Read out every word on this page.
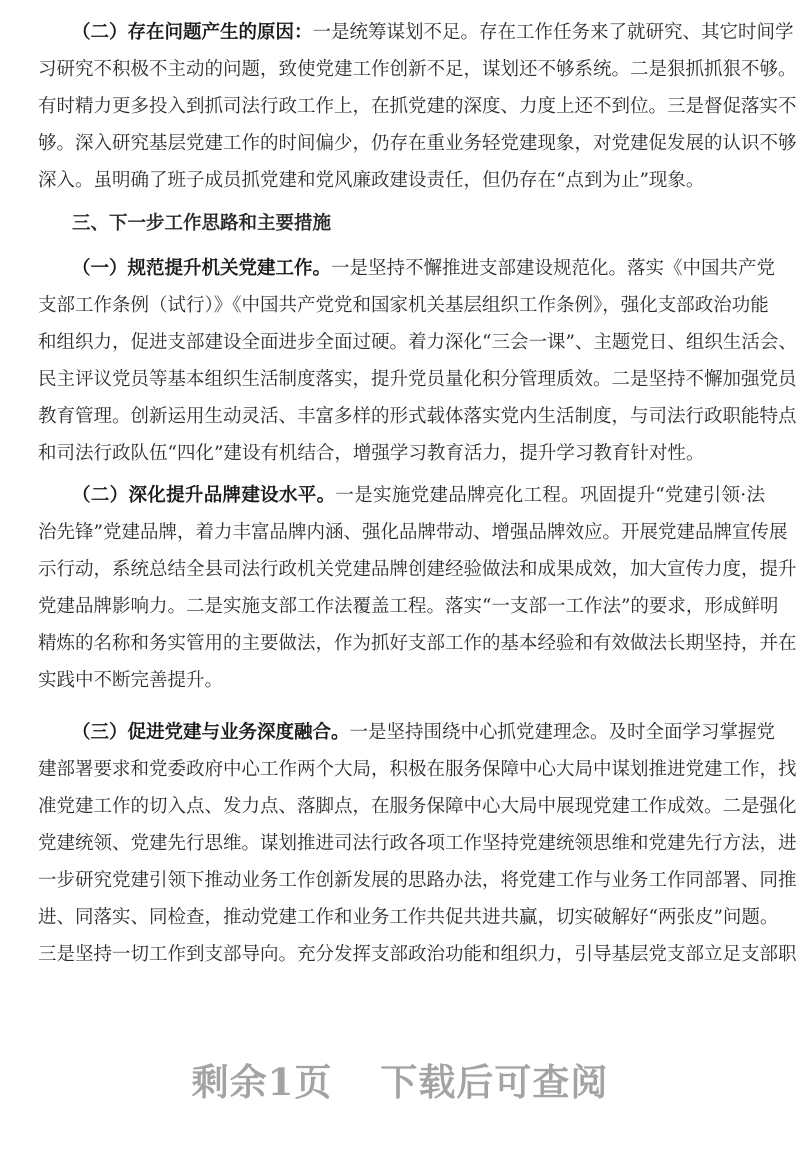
（二）存在问题产生的原因：一是统筹谋划不足。存在工作任务来了就研究、其它时间学
习研究不积极不主动的问题，致使党建工作创新不足，谋划还不够系统。二是狠抓抓狠不够。
有时精力更多投入到抓司法行政工作上，在抓党建的深度、力度上还不到位。三是督促落实不
够。深入研究基层党建工作的时间偏少，仍存在重业务轻党建现象，对党建促发展的认识不够
深入。虽明确了班子成员抓党建和党风廉政建设责任，但仍存在“点到为止”现象。
三、下一步工作思路和主要措施
（一）规范提升机关党建工作。一是坚持不懈推进支部建设规范化。落实《中国共产党
支部工作条例（试行）》《中国共产党党和国家机关基层组织工作条例》，强化支部政治功能
和组织力，促进支部建设全面进步全面过硬。着力深化“三会一课”、主题党日、组织生活会、
民主评议党员等基本组织生活制度落实，提升党员量化积分管理质效。二是坚持不懈加强党员
教育管理。创新运用生动灵活、丰富多样的形式载体落实党内生活制度，与司法行政职能特点
和司法行政队伍“四化”建设有机结合，增强学习教育活力，提升学习教育针对性。
（二）深化提升品牌建设水平。一是实施党建品牌亮化工程。巩固提升“党建引领·法
治先锋”党建品牌，着力丰富品牌内涵、强化品牌带动、增强品牌效应。开展党建品牌宣传展
示行动，系统总结全县司法行政机关党建品牌创建经验做法和成果成效，加大宣传力度，提升
党建品牌影响力。二是实施支部工作法覆盖工程。落实“一支部一工作法”的要求，形成鲜明
精炼的名称和务实管用的主要做法，作为抓好支部工作的基本经验和有效做法长期坚持，并在
实践中不断完善提升。
（三）促进党建与业务深度融合。一是坚持围绕中心抓党建理念。及时全面学习掌握党
建部署要求和党委政府中心工作两个大局，积极在服务保障中心大局中谋划推进党建工作，找
准党建工作的切入点、发力点、落脚点，在服务保障中心大局中展现党建工作成效。二是强化
党建统领、党建先行思维。谋划推进司法行政各项工作坚持党建统领思维和党建先行方法，进
一步研究党建引领下推动业务工作创新发展的思路办法，将党建工作与业务工作同部署、同推
进、同落实、同检查，推动党建工作和业务工作共促共进共赢，切实破解好“两张皮”问题。
三是坚持一切工作到支部导向。充分发挥支部政治功能和组织力，引导基层党支部立足支部职
剩余1页 下载后可查阅
